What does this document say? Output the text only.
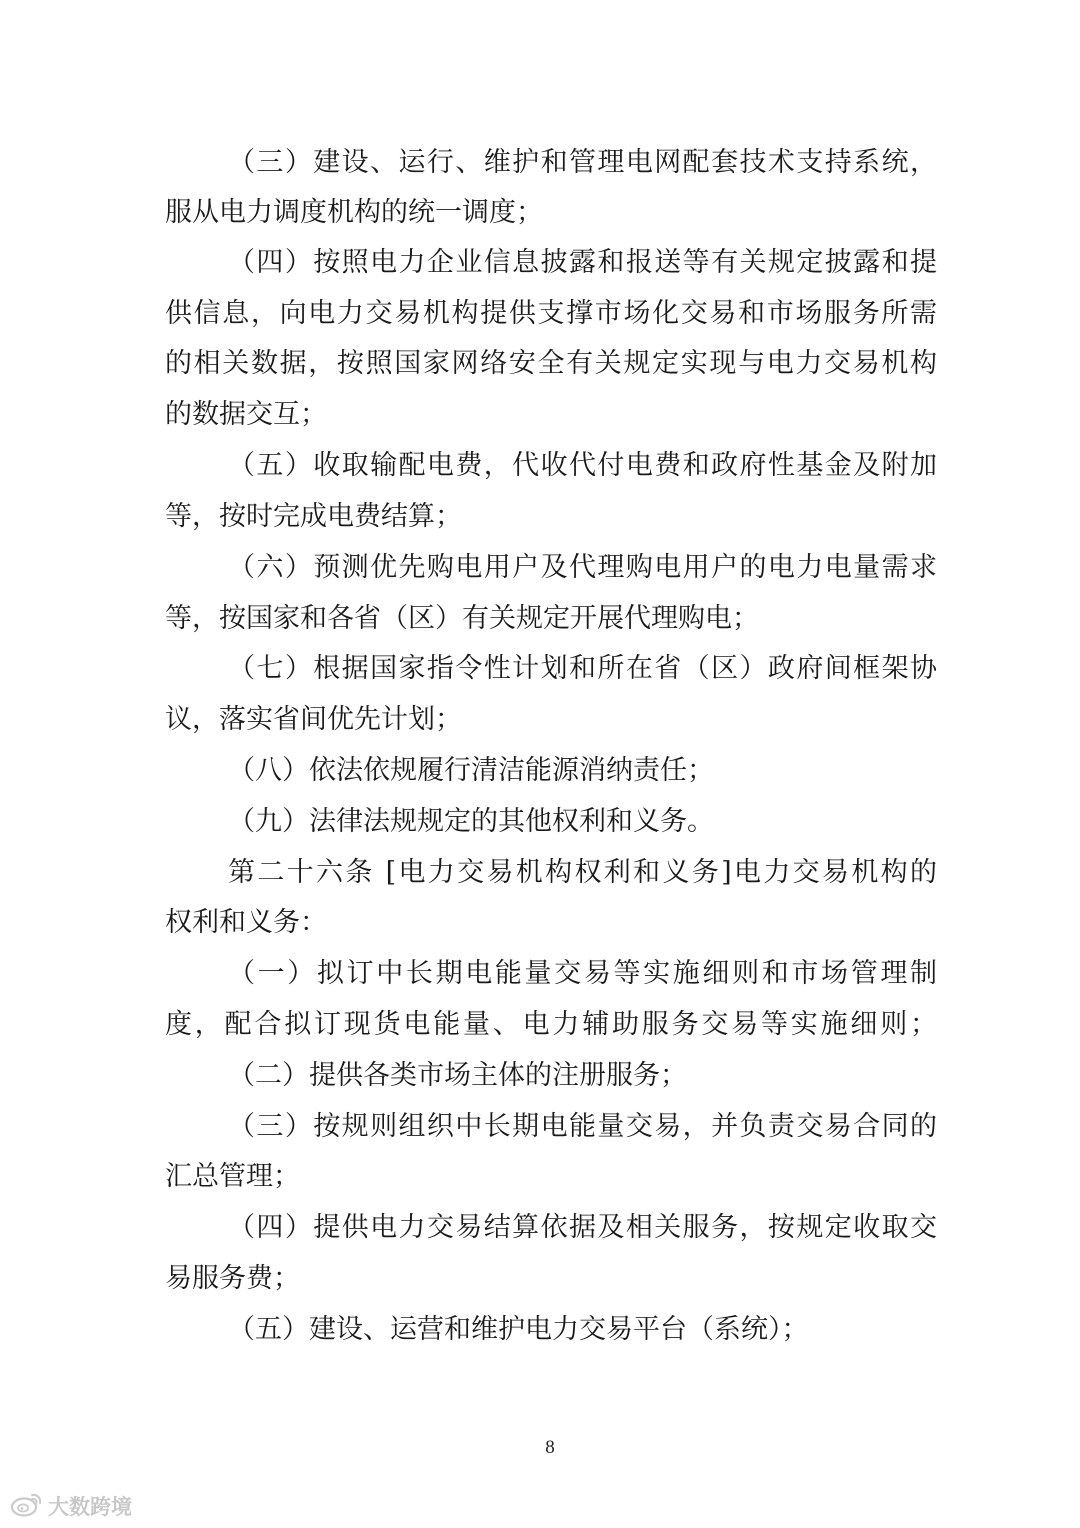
（三）建设、运行、维护和管理电网配套技术支持系统，
服从电力调度机构的统一调度；
（四）按照电力企业信息披露和报送等有关规定披露和提
供信息，向电力交易机构提供支撑市场化交易和市场服务所需
的相关数据，按照国家网络安全有关规定实现与电力交易机构
的数据交互；
（五）收取输配电费，代收代付电费和政府性基金及附加
等，按时完成电费结算；
（六）预测优先购电用户及代理购电用户的电力电量需求
等，按国家和各省（区）有关规定开展代理购电；
（七）根据国家指令性计划和所在省（区）政府间框架协
议，落实省间优先计划；
（八）依法依规履行清洁能源消纳责任；
（九）法律法规规定的其他权利和义务。
第二十六条 [电力交易机构权利和义务]电力交易机构的
权利和义务：
（一）拟订中长期电能量交易等实施细则和市场管理制
度，配合拟订现货电能量、电力辅助服务交易等实施细则；
（二）提供各类市场主体的注册服务；
（三）按规则组织中长期电能量交易，并负责交易合同的
汇总管理；
（四）提供电力交易结算依据及相关服务，按规定收取交
易服务费；
（五）建设、运营和维护电力交易平台（系统）；
8
大数跨境
